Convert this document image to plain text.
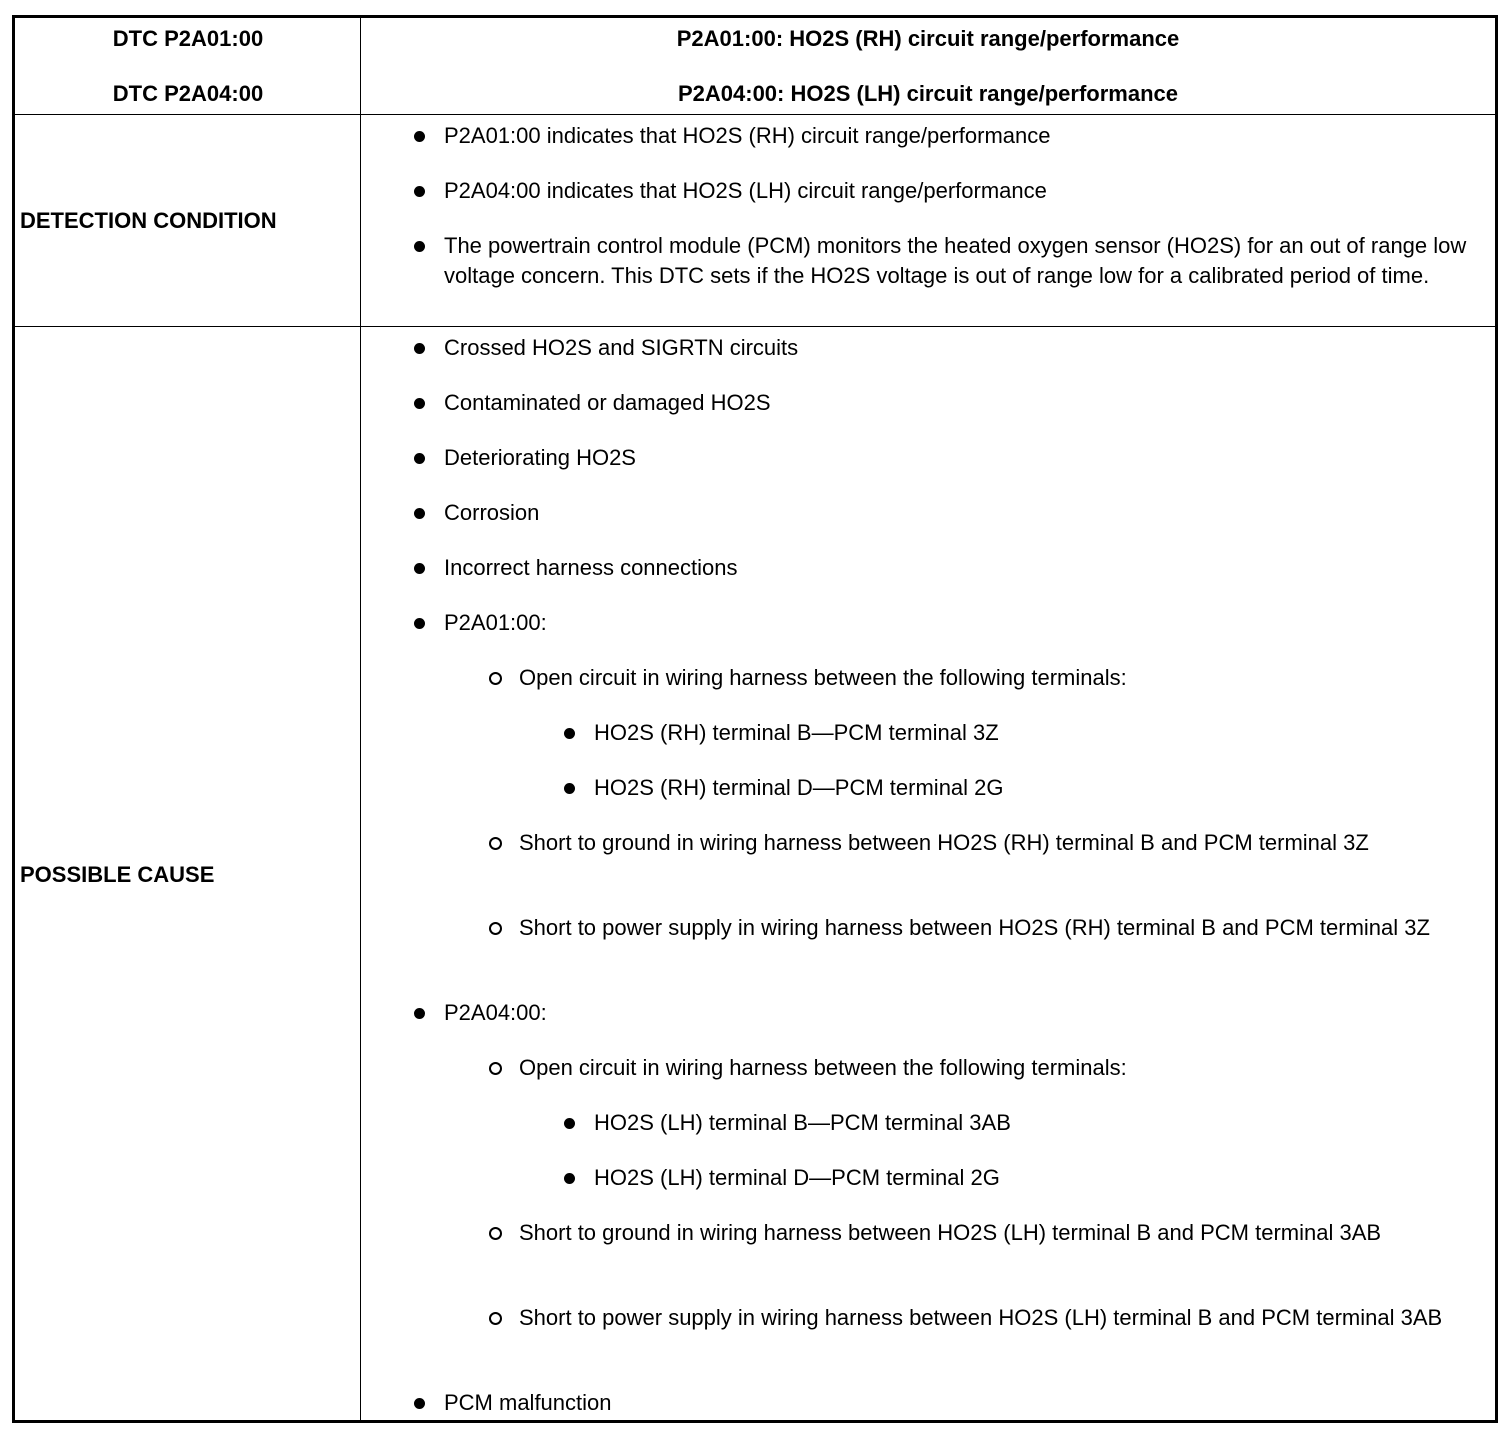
DTC P2A01:00
DTC P2A04:00
P2A01:00: HO2S (RH) circuit range/performance
P2A04:00: HO2S (LH) circuit range/performance
DETECTION CONDITION
P2A01:00 indicates that HO2S (RH) circuit range/performance
P2A04:00 indicates that HO2S (LH) circuit range/performance
The powertrain control module (PCM) monitors the heated oxygen sensor (HO2S) for an out of range low voltage concern. This DTC sets if the HO2S voltage is out of range low for a calibrated period of time.
POSSIBLE CAUSE
Crossed HO2S and SIGRTN circuits
Contaminated or damaged HO2S
Deteriorating HO2S
Corrosion
Incorrect harness connections
P2A01:00:
Open circuit in wiring harness between the following terminals:
HO2S (RH) terminal B—PCM terminal 3Z
HO2S (RH) terminal D—PCM terminal 2G
Short to ground in wiring harness between HO2S (RH) terminal B and PCM terminal 3Z
Short to power supply in wiring harness between HO2S (RH) terminal B and PCM terminal 3Z
P2A04:00:
Open circuit in wiring harness between the following terminals:
HO2S (LH) terminal B—PCM terminal 3AB
HO2S (LH) terminal D—PCM terminal 2G
Short to ground in wiring harness between HO2S (LH) terminal B and PCM terminal 3AB
Short to power supply in wiring harness between HO2S (LH) terminal B and PCM terminal 3AB
PCM malfunction
